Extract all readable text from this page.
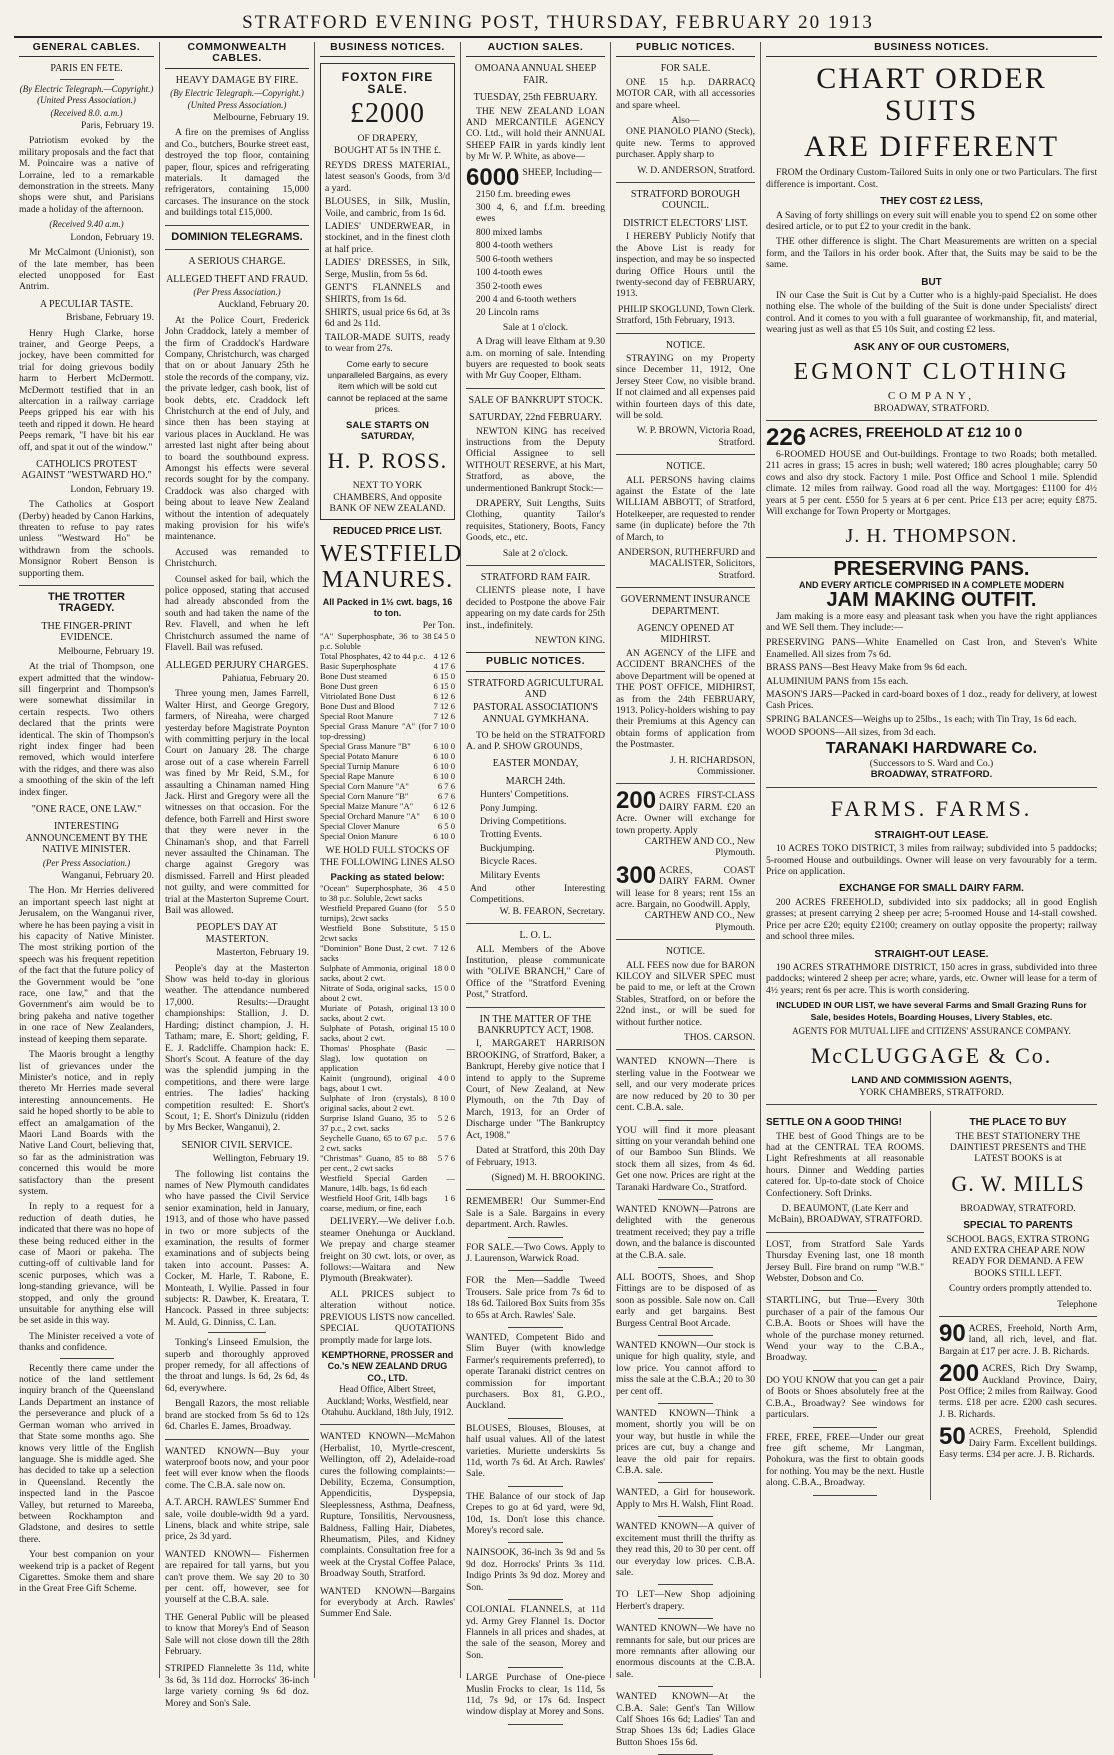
STRATFORD EVENING POST, THURSDAY, FEBRUARY 20 1913
GENERAL CABLES.
PARIS EN FETE.
(By Electric Telegraph.—Copyright.) (United Press Association.)
(Received 8.0. a.m.)

Paris, February 19.

Patriotism evoked by the military proposals and the fact that M. Poincaire was a native of Lorraine, led to a remarkable demonstration in the streets. Many shops were shut, and Parisians made a holiday of the afternoon.

(Received 9.40 a.m.)

London, February 19.

Mr McCalmont (Unionist), son of the late member, has been elected unopposed for East Antrim.

A PECULIAR TASTE.

Brisbane, February 19.

Henry Hugh Clarke, horse trainer, and George Peeps, a jockey, have been committed for trial for doing grievous bodily harm to Herbert McDermott. McDermott testified that in an altercation in a railway carriage Peeps gripped his ear with his teeth and ripped it down. He heard Peeps remark, "I have bit his ear off, and spat it out of the window."

CATHOLICS PROTEST AGAINST "WESTWARD HO."

London, February 19.

The Catholics at Gosport (Derby) headed by Canon Harkins, threaten to refuse to pay rates unless "Westward Ho" be withdrawn from the schools. Monsignor Robert Benson is supporting them.

THE TROTTER TRAGEDY.
THE FINGER-PRINT EVIDENCE.

Melbourne, February 19.

At the trial of Thompson, one expert admitted that the window-sill fingerprint and Thompson's were somewhat dissimilar in certain respects. Two others declared that the prints were identical. The skin of Thompson's right index finger had been removed, which would interfere with the ridges, and there was also a smoothing of the skin of the left index finger.

"ONE RACE, ONE LAW."
INTERESTING ANNOUNCEMENT BY THE NATIVE MINISTER.
(Per Press Association.)

Wanganui, February 20.

The Hon. Mr Herries delivered an important speech last night at Jerusalem, on the Wanganui river, where he has been paying a visit in his capacity of Native Minister. The most striking portion of the speech was his frequent repetition of the fact that the future policy of the Government would be "one race, one law," and that the Government's aim would be to bring pakeha and native together in one race of New Zealanders, instead of keeping them separate.

The Maoris brought a lengthy list of grievances under the Minister's notice, and in reply thereto Mr Herries made several interesting announcements. He said he hoped shortly to be able to effect an amalgamation of the Maori Land Boards with the Native Land Court, believing that, so far as the administration was concerned this would be more satisfactory than the present system.

In reply to a request for a reduction of death duties, he indicated that there was no hope of these being reduced either in the case of Maori or pakeha. The cutting-off of cultivable land for scenic purposes, which was a long-standing grievance, will be stopped, and only the ground unsuitable for anything else will be set aside in this way.

The Minister received a vote of thanks and confidence.

Recently there came under the notice of the land settlement inquiry branch of the Queensland Lands Department an instance of the perseverance and pluck of a German woman who arrived in that State some months ago. She knows very little of the English language. She is middle aged. She has decided to take up a selection in Queensland. Recently the inspected land in the Pascoe Valley, but returned to Mareeba, between Rockhampton and Gladstone, and desires to settle there.

Your best companion on your weekend trip is a packet of Regent Cigarettes. Smoke them and share in the Great Free Gift Scheme.

COMMONWEALTH CABLES.
HEAVY DAMAGE BY FIRE.
(By Electric Telegraph.—Copyright.) (United Press Association.)

Melbourne, February 19.

A fire on the premises of Angliss and Co., butchers, Bourke street east, destroyed the top floor, containing paper, flour, spices and refrigerating materials. It damaged the refrigerators, containing 15,000 carcases. The insurance on the stock and buildings total £15,000.

DOMINION TELEGRAMS.
A SERIOUS CHARGE.
ALLEGED THEFT AND FRAUD.
(Per Press Association.)

Auckland, February 20.

At the Police Court, Frederick John Craddock, lately a member of the firm of Craddock's Hardware Company, Christchurch, was charged that on or about January 25th he stole the records of the company, viz. the private ledger, cash book, list of book debts, etc. Craddock left Christchurch at the end of July, and since then has been staying at various places in Auckland. He was arrested last night after being about to board the southbound express. Amongst his effects were several records sought for by the company. Craddock was also charged with being about to leave New Zealand without the intention of adequately making provision for his wife's maintenance.

Accused was remanded to Christchurch.

Counsel asked for bail, which the police opposed, stating that accused had already absconded from the south and had taken the name of the Rev. Flavell, and when he left Christchurch assumed the name of Flavell. Bail was refused.

ALLEGED PERJURY CHARGES.

Pahiatua, February 20.

Three young men, James Farrell, Walter Hirst, and George Gregory, farmers, of Nireaha, were charged yesterday before Magistrate Poynton with committing perjury in the local Court on January 28. The charge arose out of a case wherein Farrell was fined by Mr Reid, S.M., for assaulting a Chinaman named Hing Jack. Hirst and Gregory were all the witnesses on that occasion. For the defence, both Farrell and Hirst swore that they were never in the Chinaman's shop, and that Farrell never assaulted the Chinaman. The charge against Gregory was dismissed. Farrell and Hirst pleaded not guilty, and were committed for trial at the Masterton Supreme Court. Bail was allowed.

PEOPLE'S DAY AT MASTERTON.

Masterton, February 19.

People's day at the Masterton Show was held to-day in glorious weather. The attendance numbered 17,000. Results:—Draught championships: Stallion, J. D. Harding; distinct champion, J. H. Tatham; mare, E. Short; gelding, F. E. J. Radcliffe. Champion hack: E. Short's Scout. A feature of the day was the splendid jumping in the competitions, and there were large entries. The ladies' hacking competition resulted: E. Short's Scout, 1; E. Short's Dinizulu (ridden by Mrs Becker, Wanganui), 2.

SENIOR CIVIL SERVICE.

Wellington, February 19.

The following list contains the names of New Plymouth candidates who have passed the Civil Service senior examination, held in January, 1913, and of those who have passed in two or more subjects of the examination, the results of former examinations and of subjects being taken into account. Passes: A. Cocker, M. Harle, T. Rabone, E. Monteath, I. Wyllie. Passed in four subjects: R. Dawber, K. Ereatara, T. Hancock. Passed in three subjects: M. Auld, G. Dinniss, C. Lan.

Tonking's Linseed Emulsion, the superb and thoroughly approved proper remedy, for all affections of the throat and lungs. Is 6d, 2s 6d, 4s 6d, everywhere.

Bengall Razors, the most reliable brand are stocked from 5s 6d to 12s 6d. Charles E. James, Broadway.

WANTED KNOWN—Buy your waterproof boots now, and your poor feet will ever know when the floods come. The C.B.A. sale now on.

A.T. ARCH. RAWLES' Summer End sale, voile double-width 9d a yard. Linens, black and white stripe, sale price, 2s 3d yard.

WANTED KNOWN— Fishermen are repaired for tall yarns, but you can't prove them. We say 20 to 30 per cent. off, however, see for yourself at the C.B.A. sale.

THE General Public will be pleased to know that Morey's End of Season Sale will not close down till the 28th February.

STRIPED Flannelette 3s 11d, white 3s 6d, 3s 11d doz. Horrocks' 36-inch large variety corning 9s 6d doz. Morey and Son's Sale.

BUSINESS NOTICES.
FOXTON FIRE SALE.
£2000
OF DRAPERY,
BOUGHT AT 5s IN THE £.
REYDS DRESS MATERIAL, latest season's Goods, from 3/d a yard.
BLOUSES, in Silk, Muslin, Voile, and cambric, from 1s 6d.
LADIES' UNDERWEAR, in stockinet, and in the finest cloth at half price.
LADIES' DRESSES, in Silk, Serge, Muslin, from 5s 6d.
GENT'S FLANNELS and SHIRTS, from 1s 6d.
SHIRTS, usual price 6s 6d, at 3s 6d and 2s 11d.
TAILOR-MADE SUITS, ready to wear from 27s.
Come early to secure unparalleled Bargains, as every item which will be sold cut cannot be replaced at the same prices.
SALE STARTS ON SATURDAY,
H. P. ROSS.
NEXT TO YORK CHAMBERS, And opposite BANK OF NEW ZEALAND.
REDUCED PRICE LIST.
WESTFIELD MANURES.
All Packed in 1½ cwt. bags, 16 to ton.
Per Ton.
"A" Superphosphate, 36 to 38 p.c. Soluble	£4 5 0
Total Phosphates, 42 to 44 p.c.	4 12 6
Basic Superphosphate	4 17 6
Bone Dust steamed	6 15 0
Bone Dust green	6 15 0
Vitriolated Bone Dust	6 12 6
Bone Dust and Blood	7 12 6
Special Root Manure	7 12 6
Special Grass Manure "A" (for top-dressing)	7 10 0
Special Grass Manure "B"	6 10 0
Special Potato Manure	6 10 0
Special Turnip Manure	6 10 0
Special Rape Manure	6 10 0
Special Corn Manure "A"	6 7 6
Special Corn Manure "B"	6 7 6
Special Maize Manure "A"	6 12 6
Special Orchard Manure "A"	6 10 0
Special Clover Manure	6 5 0
Special Onion Manure	6 10 0
WE HOLD FULL STOCKS OF THE FOLLOWING LINES ALSO
Packing as stated below:
"Ocean" Superphosphate, 36 to 38 p.c. Soluble, 2cwt sacks	4 5 0
Westfield Prepared Guano (for turnips), 2cwt sacks	5 5 0
Westfield Bone Substitute, 2cwt sacks	5 15 0
"Dominion" Bone Dust, 2 cwt. sacks	7 12 6
Sulphate of Ammonia, original sacks, about 2 cwt.	18 0 0
Nitrate of Soda, original sacks, about 2 cwt.	15 0 0
Muriate of Potash, original sacks, about 2 cwt.	13 10 0
Sulphate of Potash, original sacks, about 2 cwt.	15 10 0
Thomas' Phosphate (Basic Slag), low quotation on application	—
Kainit (unground), original bags, about 1 cwt.	4 0 0
Sulphate of Iron (crystals), original sacks, about 2 cwt.	8 10 0
Surprise Island Guano, 35 to 37 p.c., 2 cwt. sacks	5 2 6
Seychelle Guano, 65 to 67 p.c. 2 cwt. sacks	5 7 6
"Christmas" Guano, 85 to 88 per cent., 2 cwt sacks	5 7 6
Westfield Special Garden Manure, 14lb. bags, 1s 6d each	—
Westfield Hoof Grit, 14lb bags coarse, medium, or fine, each	1 6

DELIVERY.—We deliver f.o.b. steamer Onehunga or Auckland. We prepay and charge steamer freight on 30 cwt. lots, or over, as follows:—Waitara and New Plymouth (Breakwater).

ALL PRICES subject to alteration without notice. PREVIOUS LISTS now cancelled. SPECIAL QUOTATIONS promptly made for large lots.

KEMPTHORNE, PROSSER and Co.'s NEW ZEALAND DRUG CO., LTD.
Head Office, Albert Street, Auckland; Works, Westfield, near Otahuhu. Auckland, 18th July, 1912.

WANTED KNOWN—McMahon (Herbalist, 10, Myrtle-crescent, Wellington, off 2), Adelaide-road cures the following complaints:—Debility, Eczema, Consumption, Appendicitis, Dyspepsia, Sleeplessness, Asthma, Deafness, Rupture, Tonsilitis, Nervousness, Baldness, Falling Hair, Diabetes, Rheumatism, Piles, and Kidney complaints. Consultation free for a week at the Crystal Coffee Palace, Broadway South, Stratford.

WANTED KNOWN—Bargains for everybody at Arch. Rawles' Summer End Sale.

AUCTION SALES.
OMOANA ANNUAL SHEEP FAIR.
TUESDAY, 25th FEBRUARY.

THE NEW ZEALAND LOAN AND MERCANTILE AGENCY CO. Ltd., will hold their ANNUAL SHEEP FAIR in yards kindly lent by Mr W. P. White, as above—

6000 SHEEP, Including—
2150 f.m. breeding ewes
300 4, 6, and f.f.m. breeding ewes
800 mixed lambs
800 4-tooth wethers
500 6-tooth wethers
100 4-tooth ewes
350 2-tooth ewes
200 4 and 6-tooth wethers
20 Lincoln rams
Sale at 1 o'clock.

A Drag will leave Eltham at 9.30 a.m. on morning of sale. Intending buyers are requested to book seats with Mr Guy Cooper, Eltham.

SALE OF BANKRUPT STOCK.
SATURDAY, 22nd FEBRUARY.

NEWTON KING has received instructions from the Deputy Official Assignee to sell WITHOUT RESERVE, at his Mart, Stratford, as above, the undermentioned Bankrupt Stock:—

DRAPERY, Suit Lengths, Suits Clothing, quantity Tailor's requisites, Stationery, Boots, Fancy Goods, etc., etc.

Sale at 2 o'clock.
STRATFORD RAM FAIR.

CLIENTS please note, I have decided to Postpone the above Fair appearing on my date cards for 25th inst., indefinitely.

NEWTON KING.
PUBLIC NOTICES.
STRATFORD AGRICULTURAL AND
PASTORAL ASSOCIATION'S
ANNUAL GYMKHANA.

TO be held on the STRATFORD A. and P. SHOW GROUNDS,

EASTER MONDAY,
MARCH 24th.
Hunters' Competitions.
Pony Jumping.
Driving Competitions.
Trotting Events.
Buckjumping.
Bicycle Races.
Military Events
And other Interesting Competitions.
W. B. FEARON, Secretary.
L. O. L.

ALL Members of the Above Institution, please communicate with "OLIVE BRANCH," Care of Office of the "Stratford Evening Post," Stratford.

IN THE MATTER OF THE BANKRUPTCY ACT, 1908.

I, MARGARET HARRISON BROOKING, of Stratford, Baker, a Bankrupt, Hereby give notice that I intend to apply to the Supreme Court, of New Zealand, at New Plymouth, on the 7th Day of March, 1913, for an Order of Discharge under "The Bankruptcy Act, 1908."

Dated at Stratford, this 20th Day of February, 1913.

(Signed) M. H. BROOKING.

REMEMBER! Our Summer-End Sale is a Sale. Bargains in every department. Arch. Rawles.

FOR SALE.—Two Cows. Apply to J. Laurenson, Warwick Road.

FOR the Men—Saddle Tweed Trousers. Sale price from 7s 6d to 18s 6d. Tailored Box Suits from 35s to 65s at Arch. Rawles' Sale.

WANTED, Competent Bido and Slim Buyer (with knowledge Farmer's requirements preferred), to operate Taranaki district centres on commission for important purchasers. Box 81, G.P.O., Auckland.

BLOUSES, Blouses, Blouses, at half usual values. All of the latest varieties. Muriette underskirts 5s 11d, worth 7s 6d. At Arch. Rawles' Sale.

THE Balance of our stock of Jap Crepes to go at 6d yard, were 9d, 10d, 1s. Don't lose this chance. Morey's record sale.

NAINSOOK, 36-inch 3s 9d and 5s 9d doz. Horrocks' Prints 3s 11d. Indigo Prints 3s 9d doz. Morey and Son.

COLONIAL FLANNELS, at 11d yd. Army Grey Flannel 1s. Doctor Flannels in all prices and shades, at the sale of the season, Morey and Son.

LARGE Purchase of One-piece Muslin Frocks to clear, 1s 11d, 5s 11d, 7s 9d, or 17s 6d. Inspect window display at Morey and Sons.

PUBLIC NOTICES.
FOR SALE.

ONE 15 h.p. DARRACQ MOTOR CAR, with all accessories and spare wheel.

Also—

ONE PIANOLO PIANO (Steck), quite new. Terms to approved purchaser. Apply sharp to

W. D. ANDERSON, Stratford.
STRATFORD BOROUGH COUNCIL.
DISTRICT ELECTORS' LIST.

I HEREBY Publicly Notify that the Above List is ready for inspection, and may be so inspected during Office Hours until the twenty-second day of FEBRUARY, 1913.

PHILIP SKOGLUND, Town Clerk.
Stratford, 15th February, 1913.
NOTICE.

STRAYING on my Property since December 11, 1912, One Jersey Steer Cow, no visible brand. If not claimed and all expenses paid within fourteen days of this date, will be sold.

W. P. BROWN, Victoria Road, Stratford.
NOTICE.

ALL PERSONS having claims against the Estate of the late WILLIAM ABBOTT, of Stratford, Hotelkeeper, are requested to render same (in duplicate) before the 7th of March, to

ANDERSON, RUTHERFURD and MACALISTER, Solicitors, Stratford.
GOVERNMENT INSURANCE DEPARTMENT.
AGENCY OPENED AT MIDHIRST.

AN AGENCY of the LIFE and ACCIDENT BRANCHES of the above Department will be opened at THE POST OFFICE, MIDHIRST, as from the 24th FEBRUARY, 1913. Policy-holders wishing to pay their Premiums at this Agency can obtain forms of application from the Postmaster.

J. H. RICHARDSON, Commissioner.
200 ACRES FIRST-CLASS DAIRY FARM. £20 an Acre. Owner will exchange for town property. Apply
CARTHEW AND CO., New Plymouth.
300 ACRES, COAST DAIRY FARM. Owner will lease for 8 years; rent 15s an acre. Bargain, no Goodwill. Apply,
CARTHEW AND CO., New Plymouth.
NOTICE.

ALL FEES now due for BARON KILCOY and SILVER SPEC must be paid to me, or left at the Crown Stables, Stratford, on or before the 22nd inst., or will be sued for without further notice.

THOS. CARSON.

WANTED KNOWN—There is sterling value in the Footwear we sell, and our very moderate prices are now reduced by 20 to 30 per cent. C.B.A. sale.

YOU will find it more pleasant sitting on your verandah behind one of our Bamboo Sun Blinds. We stock them all sizes, from 4s 6d. Get one now. Prices are right at the Taranaki Hardware Co., Stratford.

WANTED KNOWN—Patrons are delighted with the generous treatment received; they pay a trifle down, and the balance is discounted at the C.B.A. sale.

ALL BOOTS, Shoes, and Shop Fittings are to be disposed of as soon as possible. Sale now on. Call early and get bargains. Best Burgess Central Boot Arcade.

WANTED KNOWN—Our stock is unique for high quality, style, and low price. You cannot afford to miss the sale at the C.B.A.; 20 to 30 per cent off.

WANTED KNOWN—Think a moment, shortly you will be on your way, but hustle in while the prices are cut, buy a change and leave the old pair for repairs. C.B.A. sale.

WANTED, a Girl for housework. Apply to Mrs H. Walsh, Flint Road.

WANTED KNOWN—A quiver of excitement must thrill the thrifty as they read this, 20 to 30 per cent. off our everyday low prices. C.B.A. sale.

TO LET—New Shop adjoining Herbert's drapery.

WANTED KNOWN—We have no remnants for sale, but our prices are more remnants after allowing our enormous discounts at the C.B.A. sale.

WANTED KNOWN—At the C.B.A. Sale: Gent's Tan Willow Calf Shoes 16s 6d; Ladies' Tan and Strap Shoes 13s 6d; Ladies Glace Button Shoes 15s 6d.

BUSINESS NOTICES.
CHART ORDER SUITS
ARE DIFFERENT

FROM the Ordinary Custom-Tailored Suits in only one or two Particulars. The first difference is important. Cost.

THEY COST £2 LESS,

A Saving of forty shillings on every suit will enable you to spend £2 on some other desired article, or to put £2 to your credit in the bank.

THE other difference is slight. The Chart Measurements are written on a special form, and the Tailors in his order book. After that, the Suits may be said to be the same.

BUT

IN our Case the Suit is Cut by a Cutter who is a highly-paid Specialist. He does nothing else. The whole of the building of the Suit is done under Specialists' direct control. And it comes to you with a full guarantee of workmanship, fit, and material, wearing just as well as that £5 10s Suit, and costing £2 less.

ASK ANY OF OUR CUSTOMERS,
EGMONT CLOTHING
COMPANY,
BROADWAY, STRATFORD.
226 ACRES, FREEHOLD AT £12 10 0

6-ROOMED HOUSE and Out-buildings. Frontage to two Roads; both metalled. 211 acres in grass; 15 acres in bush; well watered; 180 acres ploughable; carry 50 cows and also dry stock. Factory 1 mile. Post Office and School 1 mile. Splendid climate. 12 miles from railway. Good road all the way. Mortgages: £1100 for 4½ years at 5 per cent. £550 for 5 years at 6 per cent. Price £13 per acre; equity £875. Will exchange for Town Property or Mortgages.

J. H. THOMPSON.
PRESERVING PANS.
AND EVERY ARTICLE COMPRISED IN A COMPLETE MODERN
JAM MAKING OUTFIT.

Jam making is a more easy and pleasant task when you have the right appliances and WE Sell them. They include:—

PRESERVING PANS—White Enamelled on Cast Iron, and Steven's White Enamelled. All sizes from 7s 6d.
BRASS PANS—Best Heavy Make from 9s 6d each.
ALUMINIUM PANS from 15s each.
MASON'S JARS—Packed in card-board boxes of 1 doz., ready for delivery, at lowest Cash Prices.
SPRING BALANCES—Weighs up to 25lbs., 1s each; with Tin Tray, 1s 6d each.
WOOD SPOONS—All sizes, from 3d each.
TARANAKI HARDWARE Co.
(Successors to S. Ward and Co.)
BROADWAY, STRATFORD.
FARMS. FARMS.
STRAIGHT-OUT LEASE.

10 ACRES TOKO DISTRICT, 3 miles from railway; subdivided into 5 paddocks; 5-roomed House and outbuildings. Owner will lease on very favourably for a term. Price on application.

EXCHANGE FOR SMALL DAIRY FARM.

200 ACRES FREEHOLD, subdivided into six paddocks; all in good English grasses; at present carrying 2 sheep per acre; 5-roomed House and 14-stall cowshed. Price per acre £20; equity £2100; creamery on outlay opposite the property; railway and school three miles.

STRAIGHT-OUT LEASE.

190 ACRES STRATHMORE DISTRICT, 150 acres in grass, subdivided into three paddocks; wintered 2 sheep per acre; whare, yards, etc. Owner will lease for a term of 4½ years; rent 6s per acre. This is worth considering.

INCLUDED IN OUR LIST, we have several Farms and Small Grazing Runs for Sale, besides Hotels, Boarding Houses, Livery Stables, etc.
AGENTS FOR MUTUAL LIFE and CITIZENS' ASSURANCE COMPANY.
McCLUGGAGE & Co.
LAND AND COMMISSION AGENTS,
YORK CHAMBERS, STRATFORD.
SETTLE ON A GOOD THING!

THE best of Good Things are to be had at the CENTRAL TEA ROOMS. Light Refreshments at all reasonable hours. Dinner and Wedding parties catered for. Up-to-date stock of Choice Confectionery. Soft Drinks.

D. BEAUMONT, (Late Kerr and McBain), BROADWAY, STRATFORD.

LOST, from Stratford Sale Yards Thursday Evening last, one 18 month Jersey Bull. Fire brand on rump "W.B." Webster, Dobson and Co.

STARTLING, but True—Every 30th purchaser of a pair of the famous Our C.B.A. Boots or Shoes will have the whole of the purchase money returned. Wend your way to the C.B.A., Broadway.

DO YOU KNOW that you can get a pair of Boots or Shoes absolutely free at the C.B.A., Broadway? See windows for particulars.

FREE, FREE, FREE—Under our great free gift scheme, Mr Langman, Pohokura, was the first to obtain goods for nothing. You may be the next. Hustle along. C.B.A., Broadway.

THE PLACE TO BUY
THE BEST STATIONERY THE DAINTIEST PRESENTS and THE LATEST BOOKS is at
G. W. MILLS
BROADWAY, STRATFORD.
SPECIAL TO PARENTS
SCHOOL BAGS, EXTRA STRONG AND EXTRA CHEAP ARE NOW READY FOR DEMAND. A FEW BOOKS STILL LEFT.

Country orders promptly attended to.

Telephone
90 ACRES, Freehold, North Arm, land, all rich, level, and flat. Bargain at £17 per acre. J. B. Richards.
200 ACRES, Rich Dry Swamp, Auckland Province, Dairy, Post Office; 2 miles from Railway. Good terms. £18 per acre. £200 cash secures. J. B. Richards.
50 ACRES, Freehold, Splendid Dairy Farm. Excellent buildings. Easy terms. £34 per acre. J. B. Richards.
